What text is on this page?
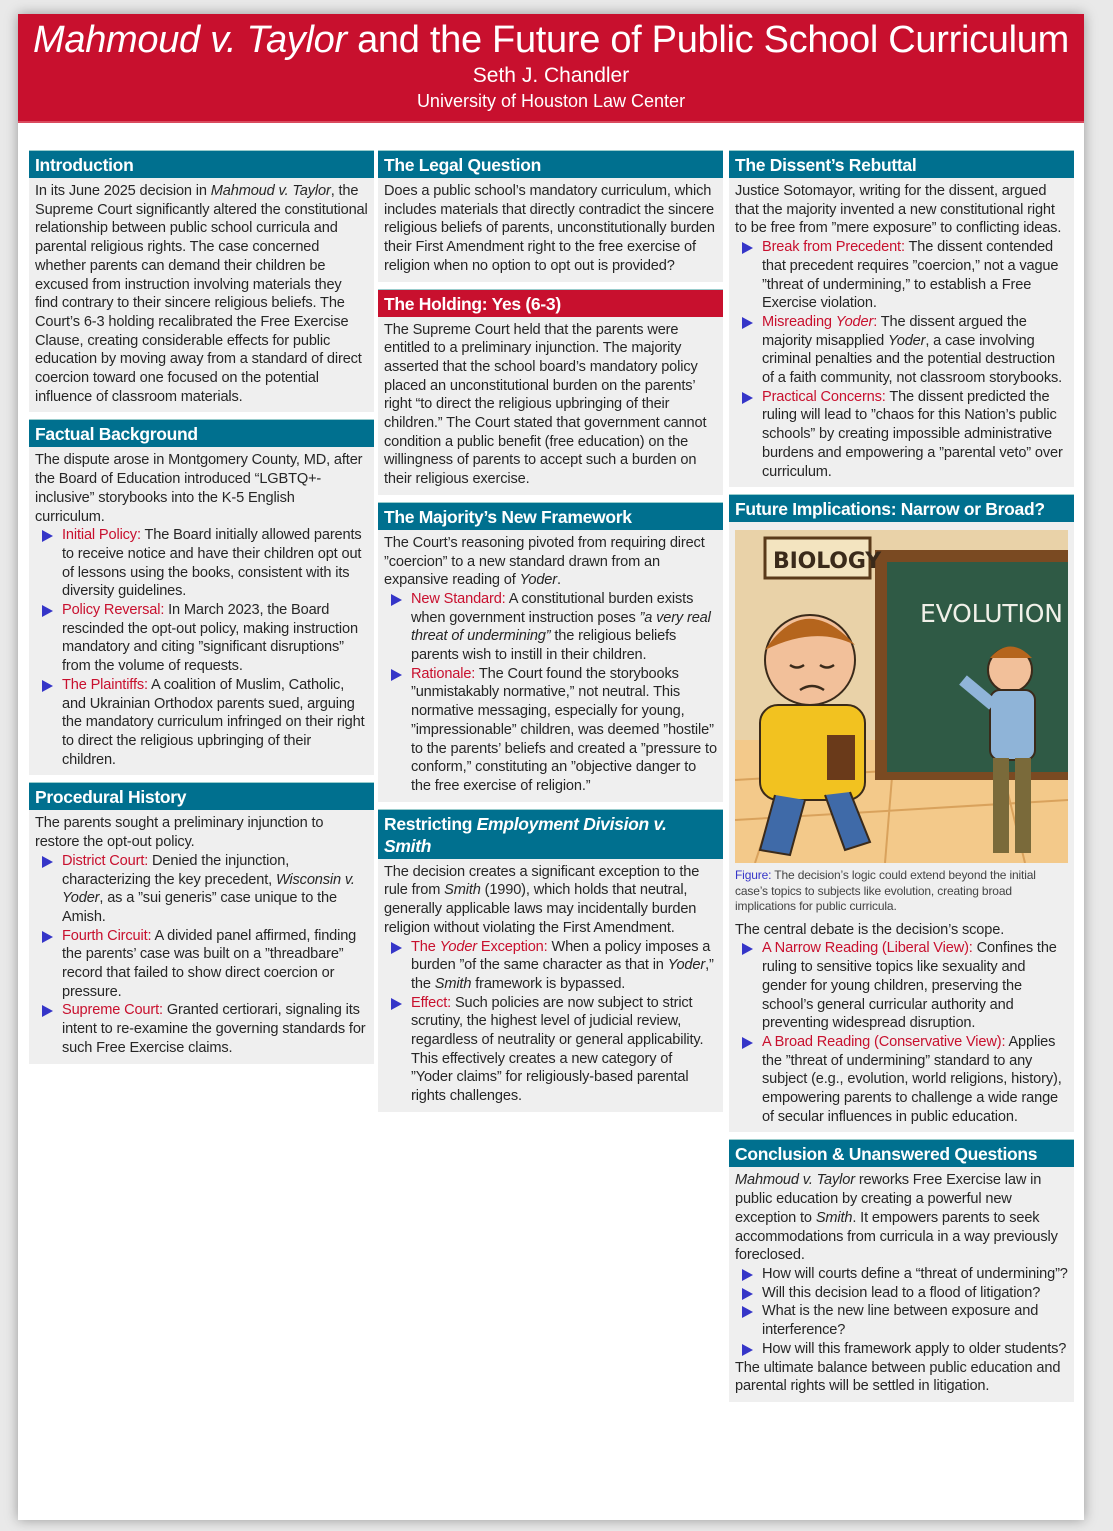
Mahmoud v. Taylor and the Future of Public School Curriculum
Seth J. Chandler
University of Houston Law Center
Introduction

In its June 2025 decision in Mahmoud v. Taylor, the Supreme Court significantly altered the constitutional relationship between public school curricula and parental religious rights. The case concerned whether parents can demand their children be excused from instruction involving materials they find contrary to their sincere religious beliefs. The Court’s 6-3 holding recalibrated the Free Exercise Clause, creating considerable effects for public education by moving away from a standard of direct coercion toward one focused on the potential influence of classroom materials.

Factual Background

The dispute arose in Montgomery County, MD, after the Board of Education introduced “LGBTQ+-inclusive” storybooks into the K-5 English curriculum.

Initial Policy: The Board initially allowed parents to receive notice and have their children opt out of lessons using the books, consistent with its diversity guidelines.
Policy Reversal: In March 2023, the Board rescinded the opt-out policy, making instruction mandatory and citing ”significant disruptions” from the volume of requests.
The Plaintiffs: A coalition of Muslim, Catholic, and Ukrainian Orthodox parents sued, arguing the mandatory curriculum infringed on their right to direct the religious upbringing of their children.
Procedural History

The parents sought a preliminary injunction to restore the opt-out policy.

District Court: Denied the injunction, characterizing the key precedent, Wisconsin v. Yoder, as a ”sui generis” case unique to the Amish.
Fourth Circuit: A divided panel affirmed, finding the parents’ case was built on a ”threadbare” record that failed to show direct coercion or pressure.
Supreme Court: Granted certiorari, signaling its intent to re-examine the governing standards for such Free Exercise claims.
The Legal Question

Does a public school’s mandatory curriculum, which includes materials that directly contradict the sincere religious beliefs of parents, unconstitutionally burden their First Amendment right to the free exercise of religion when no option to opt out is provided?

The Holding: Yes (6-3)

The Supreme Court held that the parents were entitled to a preliminary injunction. The majority asserted that the school board’s mandatory policy placed an unconstitutional burden on the parents’ right “to direct the religious upbringing of their children.” The Court stated that government cannot condition a public benefit (free education) on the willingness of parents to accept such a burden on their religious exercise.

The Majority’s New Framework

The Court’s reasoning pivoted from requiring direct ”coercion” to a new standard drawn from an expansive reading of Yoder.

New Standard: A constitutional burden exists when government instruction poses ”a very real threat of undermining” the religious beliefs parents wish to instill in their children.
Rationale: The Court found the storybooks ”unmistakably normative,” not neutral. This normative messaging, especially for young, ”impressionable” children, was deemed ”hostile” to the parents’ beliefs and created a ”pressure to conform,” constituting an ”objective danger to the free exercise of religion.”
Restricting Employment Division v. Smith

The decision creates a significant exception to the rule from Smith (1990), which holds that neutral, generally applicable laws may incidentally burden religion without violating the First Amendment.

The Yoder Exception: When a policy imposes a burden ”of the same character as that in Yoder,” the Smith framework is bypassed.
Effect: Such policies are now subject to strict scrutiny, the highest level of judicial review, regardless of neutrality or general applicability. This effectively creates a new category of ”Yoder claims” for religiously-based parental rights challenges.
The Dissent’s Rebuttal

Justice Sotomayor, writing for the dissent, argued that the majority invented a new constitutional right to be free from ”mere exposure” to conflicting ideas.

Break from Precedent: The dissent contended that precedent requires ”coercion,” not a vague ”threat of undermining,” to establish a Free Exercise violation.
Misreading Yoder: The dissent argued the majority misapplied Yoder, a case involving criminal penalties and the potential destruction of a faith community, not classroom storybooks.
Practical Concerns: The dissent predicted the ruling will lead to ”chaos for this Nation’s public schools” by creating impossible administrative burdens and empowering a ”parental veto” over curriculum.
Future Implications: Narrow or Broad?
EVOLUTION
BIOLOGY
Figure: The decision’s logic could extend beyond the initial case’s topics to subjects like evolution, creating broad implications for public curricula.

The central debate is the decision’s scope.

A Narrow Reading (Liberal View): Confines the ruling to sensitive topics like sexuality and gender for young children, preserving the school’s general curricular authority and preventing widespread disruption.
A Broad Reading (Conservative View): Applies the ”threat of undermining” standard to any subject (e.g., evolution, world religions, history), empowering parents to challenge a wide range of secular influences in public education.
Conclusion & Unanswered Questions

Mahmoud v. Taylor reworks Free Exercise law in public education by creating a powerful new exception to Smith. It empowers parents to seek accommodations from curricula in a way previously foreclosed.

How will courts define a “threat of undermining”?
Will this decision lead to a flood of litigation?
What is the new line between exposure and interference?
How will this framework apply to older students?

The ultimate balance between public education and parental rights will be settled in litigation.
